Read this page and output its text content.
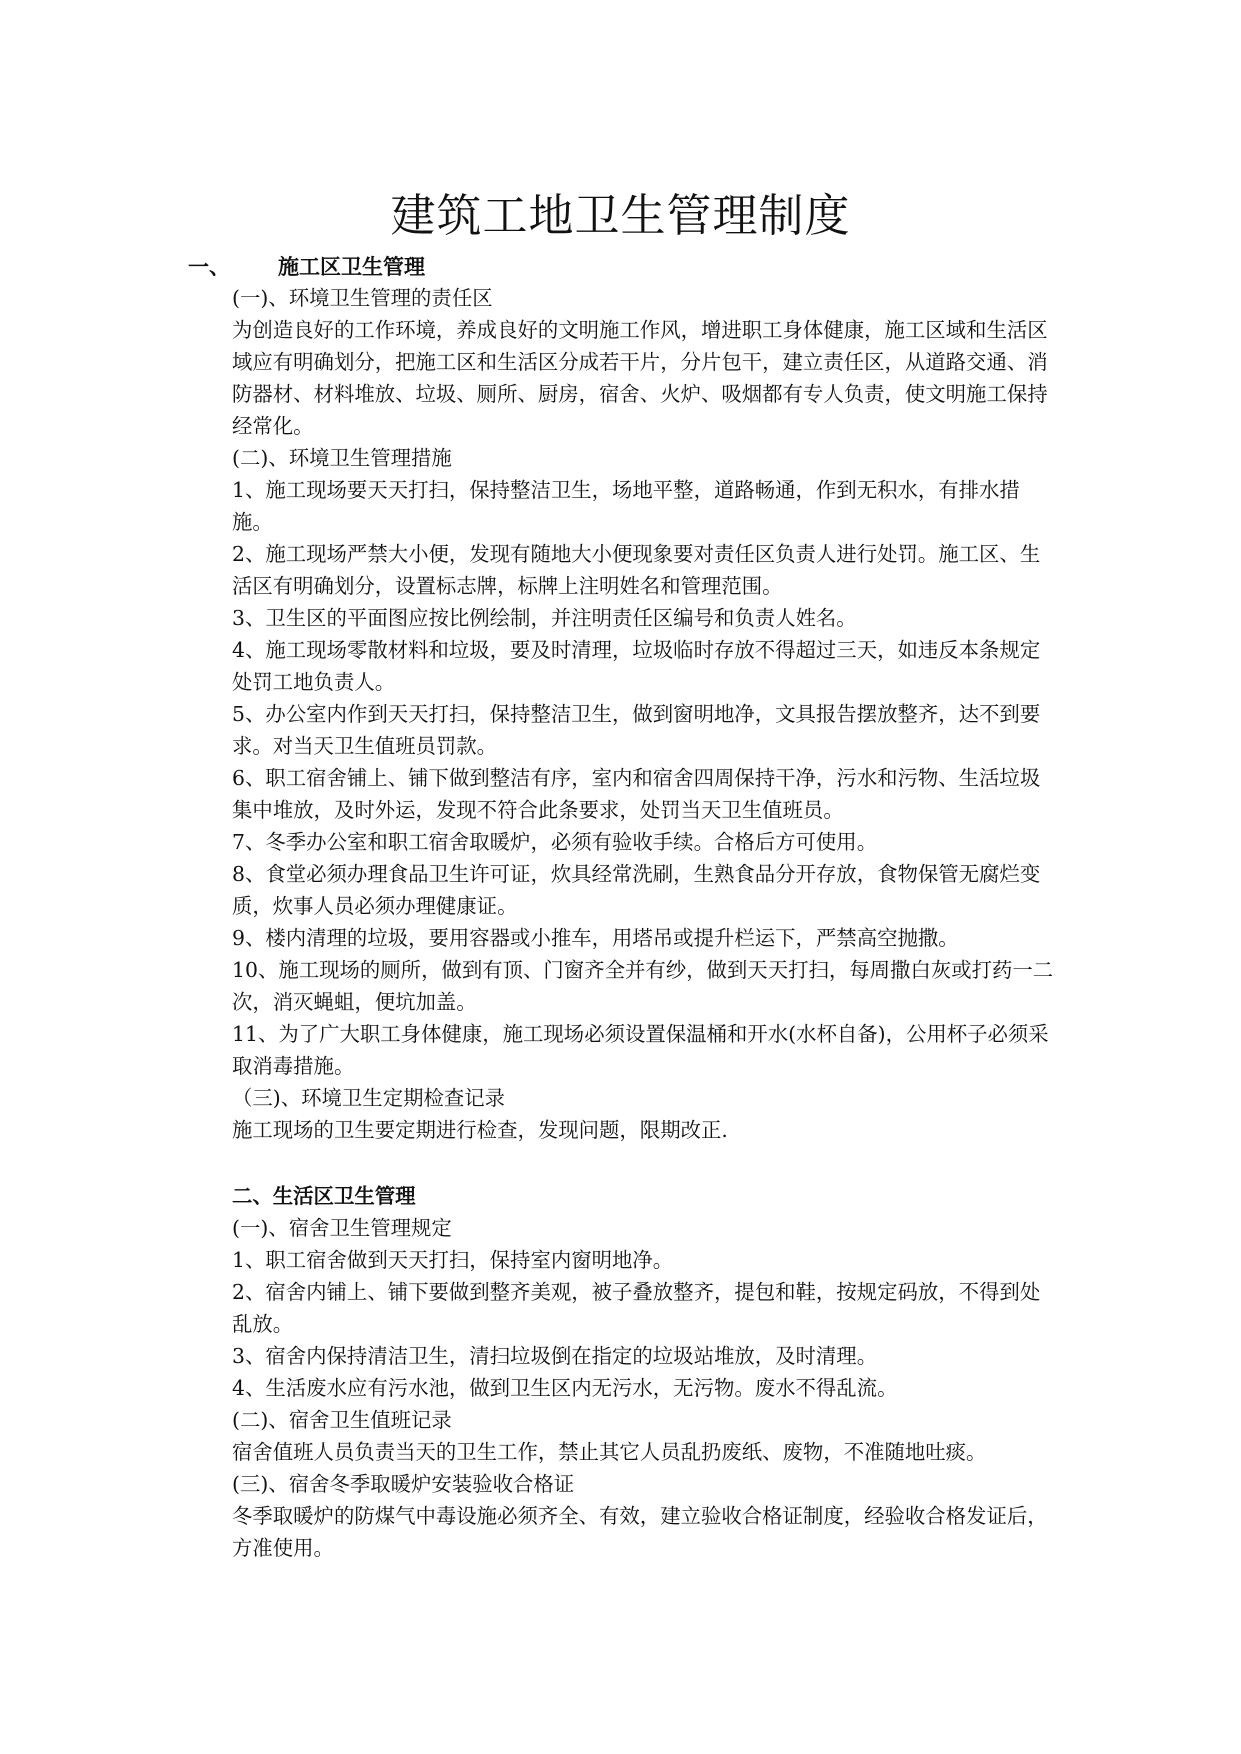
建筑工地卫生管理制度
一、 施工区卫生管理

(一)、环境卫生管理的责任区

为创造良好的工作环境，养成良好的文明施工作风，增进职工身体健康，施工区域和生活区域应有明确划分，把施工区和生活区分成若干片，分片包干，建立责任区，从道路交通、消防器材、材料堆放、垃圾、厕所、厨房，宿舍、火炉、吸烟都有专人负责，使文明施工保持经常化。

(二)、环境卫生管理措施

1、施工现场要天天打扫，保持整洁卫生，场地平整，道路畅通，作到无积水，有排水措施。

2、施工现场严禁大小便，发现有随地大小便现象要对责任区负责人进行处罚。施工区、生活区有明确划分，设置标志牌，标牌上注明姓名和管理范围。

3、卫生区的平面图应按比例绘制，并注明责任区编号和负责人姓名。

4、施工现场零散材料和垃圾，要及时清理，垃圾临时存放不得超过三天，如违反本条规定处罚工地负责人。

5、办公室内作到天天打扫，保持整洁卫生，做到窗明地净，文具报告摆放整齐，达不到要求。对当天卫生值班员罚款。

6、职工宿舍铺上、铺下做到整洁有序，室内和宿舍四周保持干净，污水和污物、生活垃圾集中堆放，及时外运，发现不符合此条要求，处罚当天卫生值班员。

7、冬季办公室和职工宿舍取暖炉，必须有验收手续。合格后方可使用。

8、食堂必须办理食品卫生许可证，炊具经常洗刷，生熟食品分开存放，食物保管无腐烂变质，炊事人员必须办理健康证。

9、楼内清理的垃圾，要用容器或小推车，用塔吊或提升栏运下，严禁高空抛撒。

10、施工现场的厕所，做到有顶、门窗齐全并有纱，做到天天打扫，每周撒白灰或打药一二次，消灭蝇蛆，便坑加盖。

11、为了广大职工身体健康，施工现场必须设置保温桶和开水(水杯自备)，公用杯子必须采取消毒措施。

（三)、环境卫生定期检查记录

施工现场的卫生要定期进行检查，发现问题，限期改正.

二、生活区卫生管理

(一)、宿舍卫生管理规定

1、职工宿舍做到天天打扫，保持室内窗明地净。

2、宿舍内铺上、铺下要做到整齐美观，被子叠放整齐，提包和鞋，按规定码放，不得到处乱放。

3、宿舍内保持清洁卫生，清扫垃圾倒在指定的垃圾站堆放，及时清理。

4、生活废水应有污水池，做到卫生区内无污水，无污物。废水不得乱流。

(二)、宿舍卫生值班记录

宿舍值班人员负责当天的卫生工作，禁止其它人员乱扔废纸、废物，不准随地吐痰。

(三)、宿舍冬季取暖炉安装验收合格证

冬季取暖炉的防煤气中毒设施必须齐全、有效，建立验收合格证制度，经验收合格发证后，方准使用。
